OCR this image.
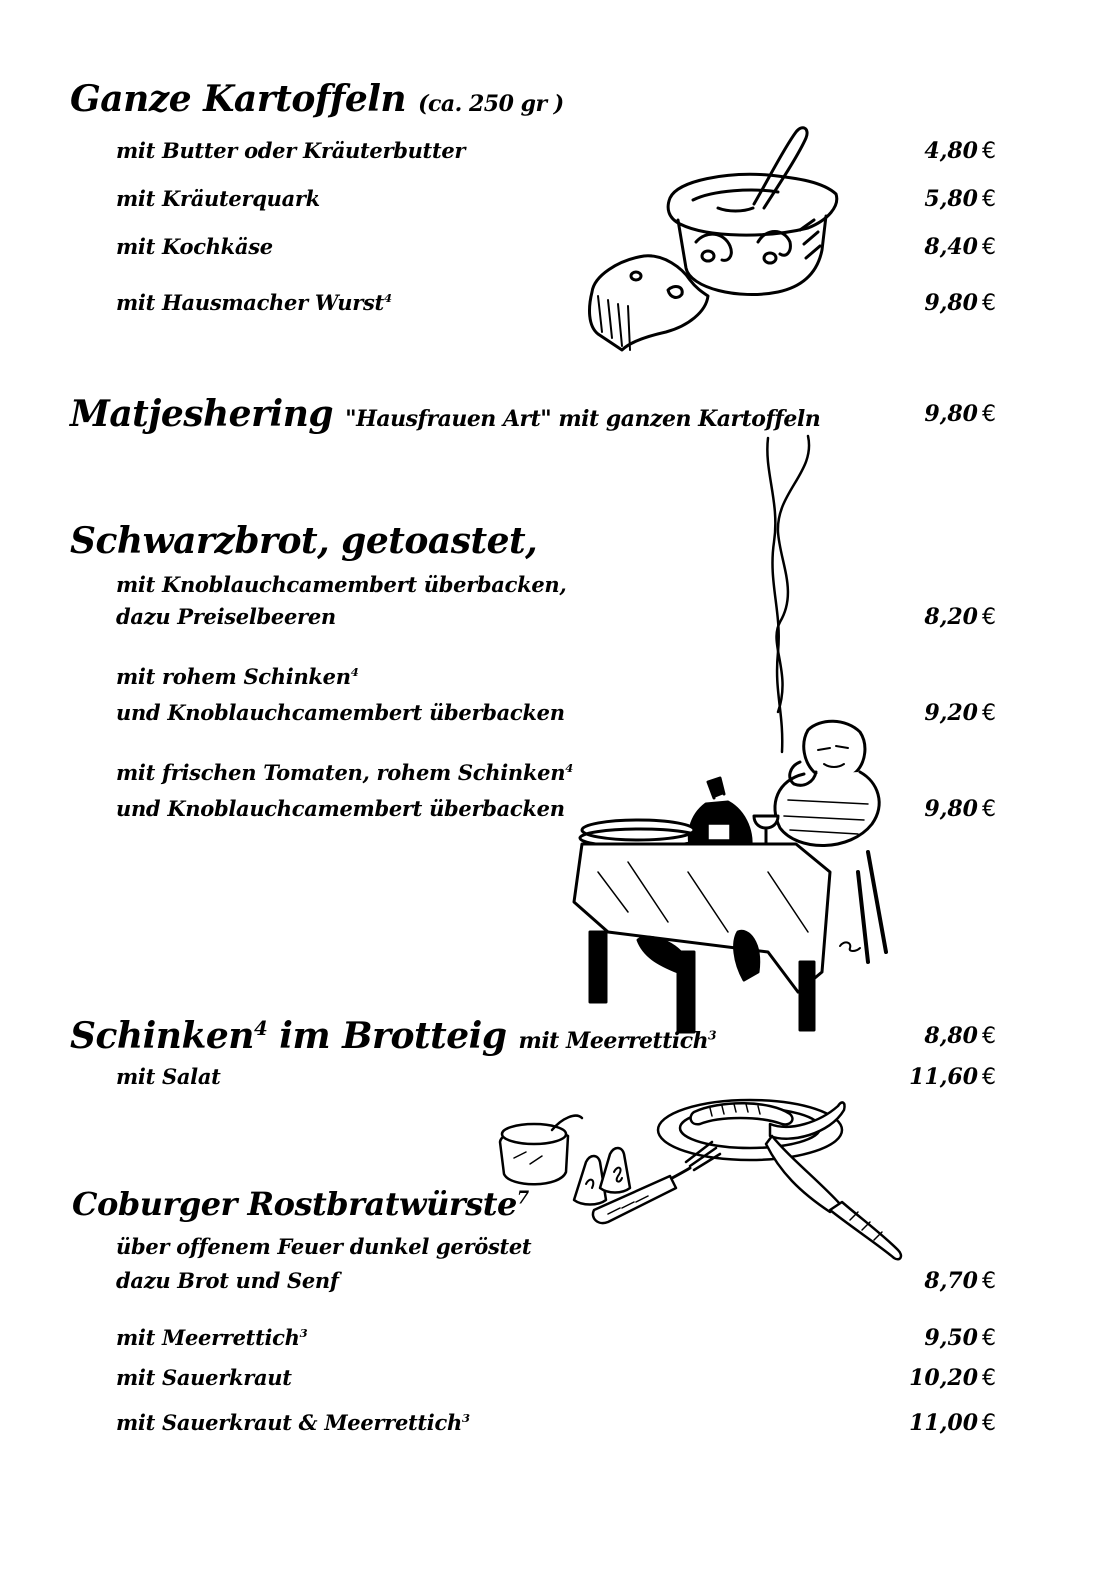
Ganze Kartoffeln (ca. 250 gr )
mit Butter oder Kräuterbutter	4,80 €
mit Kräuterquark	5,80 €
mit Kochkäse	8,40 €
mit Hausmacher Wurst$^4$	9,80 €
Matjeshering "Hausfrauen Art" mit ganzen Kartoffeln	9,80 €
Schwarzbrot, getoastet,
mit Knoblauchcamembert überbacken,
dazu Preiselbeeren	8,20 €
mit rohem Schinken$^4$
und Knoblauchcamembert überbacken	9,20 €
mit frischen Tomaten, rohem Schinken$^4$
und Knoblauchcamembert überbacken	9,80 €
Schinken$^4$ im Brotteig mit Meerrettich$^3$	8,80 €
mit Salat	11,60 €
Coburger Rostbratwürste$^7$
über offenem Feuer dunkel geröstet
dazu Brot und Senf	8,70 €
mit Meerrettich$^3$	9,50 €
mit Sauerkraut	10,20 €
mit Sauerkraut & Meerrettich$^3$	11,00 €
